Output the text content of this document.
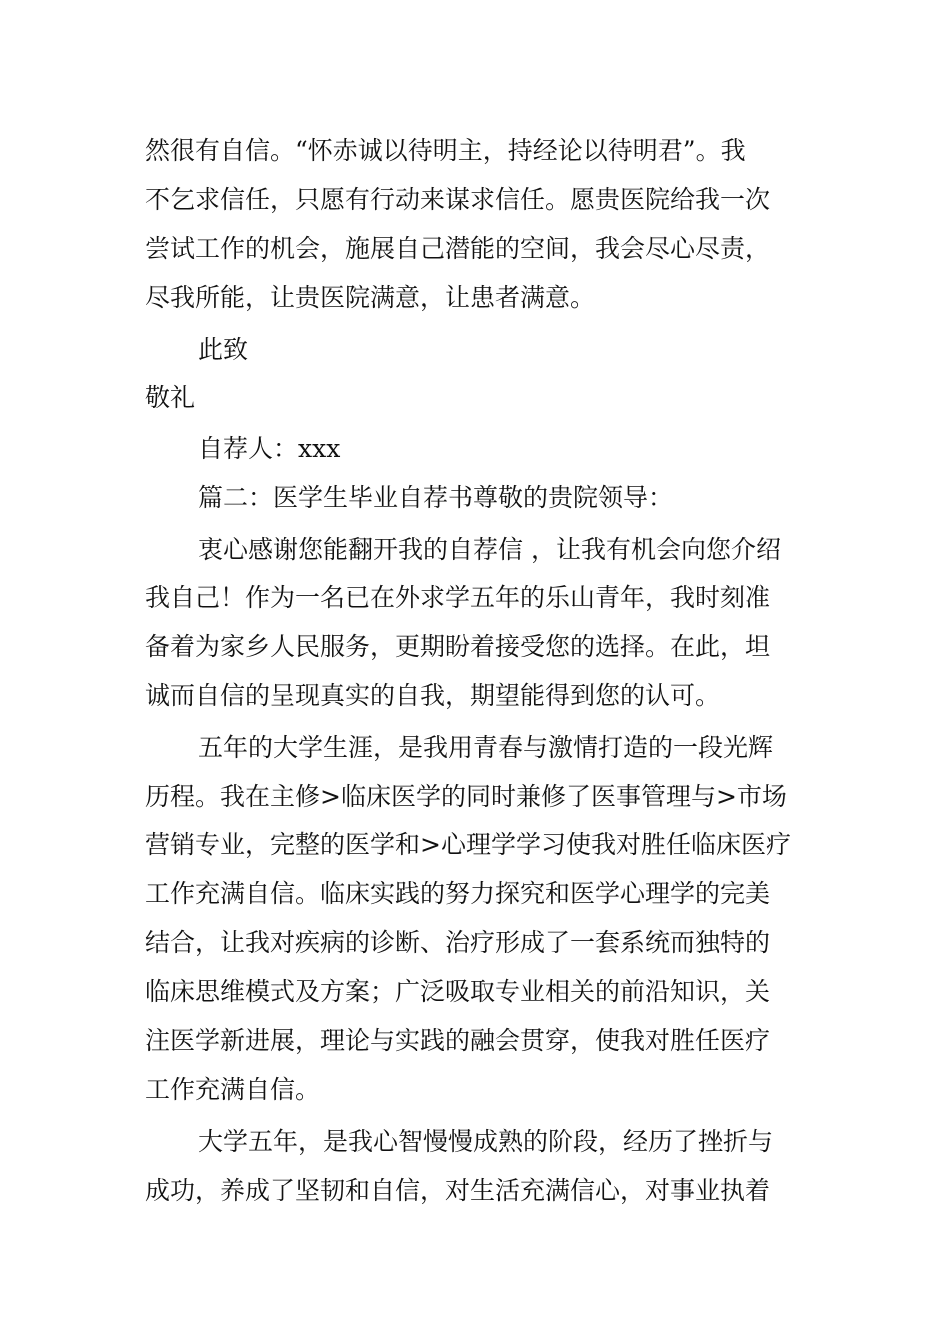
然很有自信。“怀赤诚以待明主，持经论以待明君”。我
不乞求信任，只愿有行动来谋求信任。愿贵医院给我一次
尝试工作的机会，施展自己潜能的空间，我会尽心尽责，
尽我所能，让贵医院满意，让患者满意。
此致
敬礼
自荐人：xxx
篇二：医学生毕业自荐书尊敬的贵院领导：
衷心感谢您能翻开我的自荐信 ，让我有机会向您介绍
我自己！作为一名已在外求学五年的乐山青年，我时刻准
备着为家乡人民服务，更期盼着接受您的选择。在此，坦
诚而自信的呈现真实的自我，期望能得到您的认可。
五年的大学生涯，是我用青春与激情打造的一段光辉
历程。我在主修>临床医学的同时兼修了医事管理与>市场
营销专业，完整的医学和>心理学学习使我对胜任临床医疗
工作充满自信。临床实践的努力探究和医学心理学的完美
结合，让我对疾病的诊断、治疗形成了一套系统而独特的
临床思维模式及方案；广泛吸取专业相关的前沿知识，关
注医学新进展，理论与实践的融会贯穿，使我对胜任医疗
工作充满自信。
大学五年，是我心智慢慢成熟的阶段，经历了挫折与
成功，养成了坚韧和自信，对生活充满信心，对事业执着
